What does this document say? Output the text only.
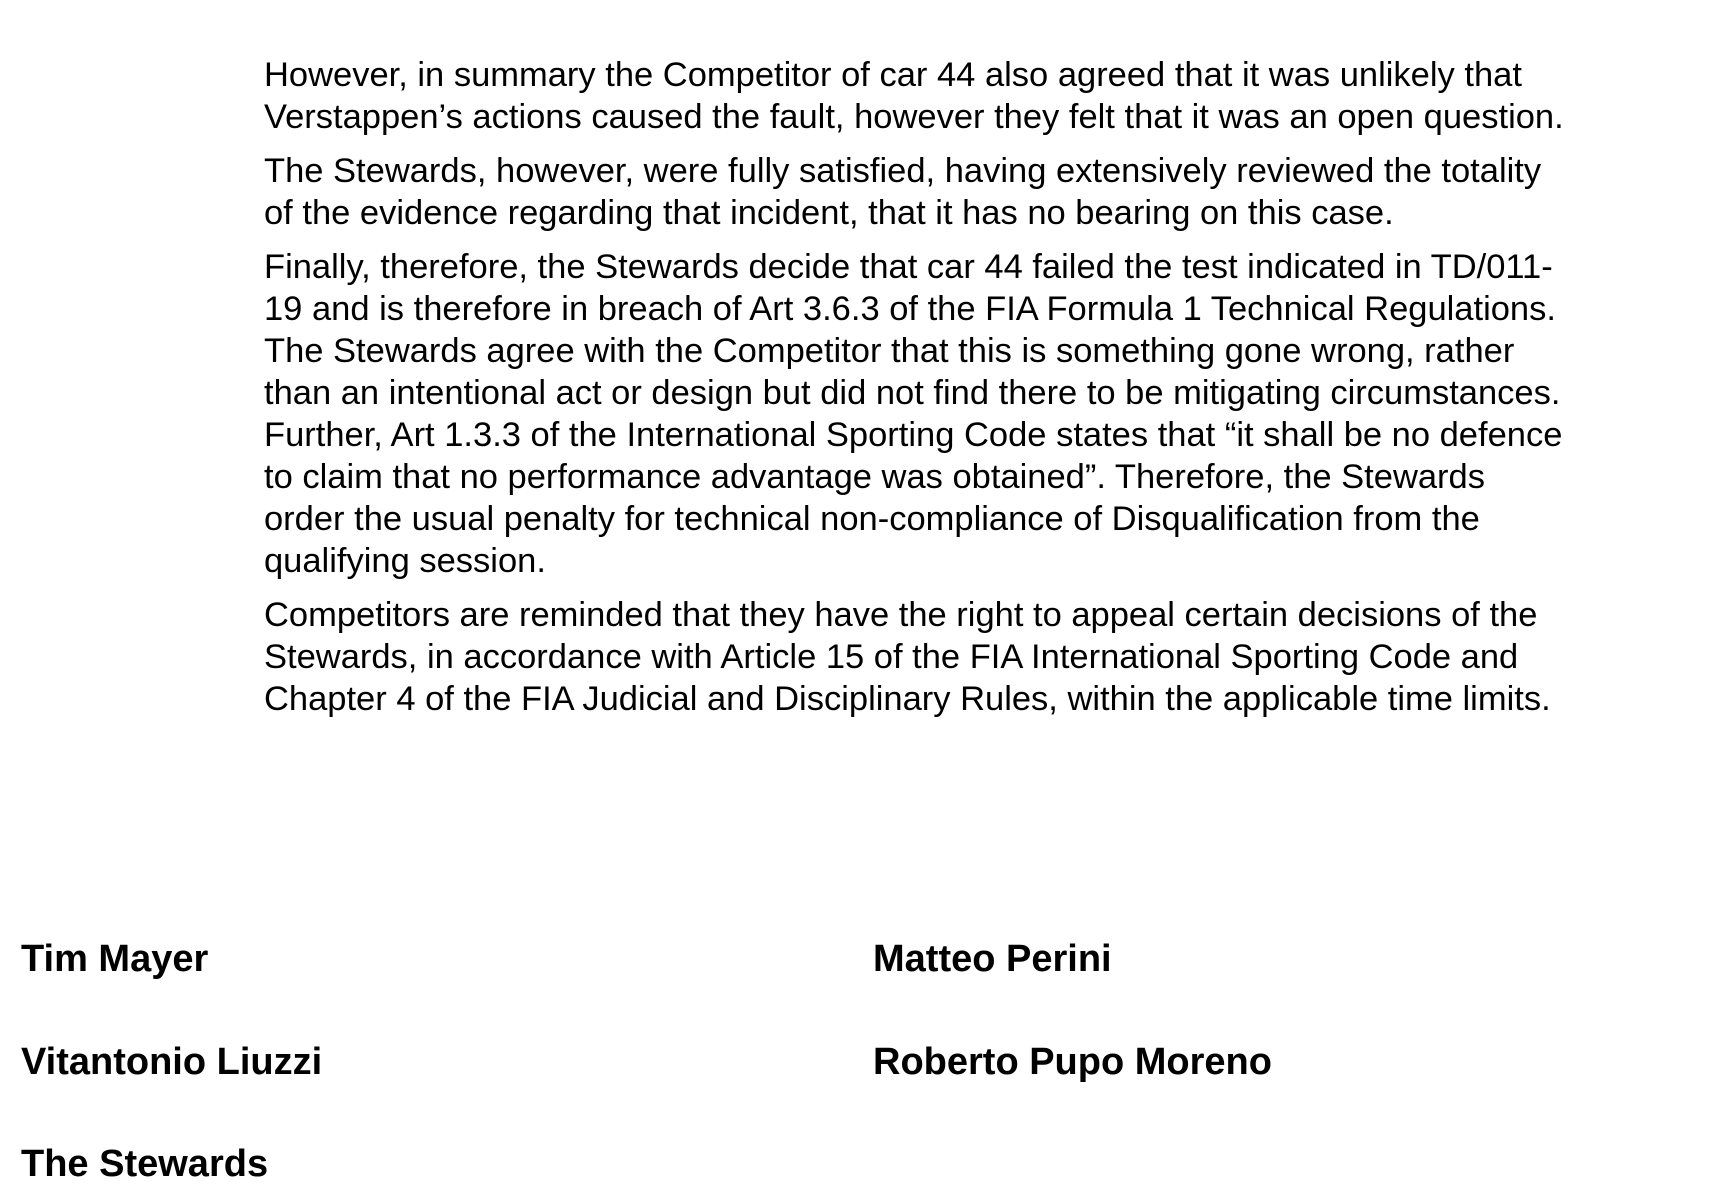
However, in summary the Competitor of car 44 also agreed that it was unlikely that
Verstappen’s actions caused the fault, however they felt that it was an open question.

The Stewards, however, were fully satisfied, having extensively reviewed the totality
of the evidence regarding that incident, that it has no bearing on this case.

Finally, therefore, the Stewards decide that car 44 failed the test indicated in TD/011-
19 and is therefore in breach of Art 3.6.3 of the FIA Formula 1 Technical Regulations.
The Stewards agree with the Competitor that this is something gone wrong, rather
than an intentional act or design but did not find there to be mitigating circumstances.
Further, Art 1.3.3 of the International Sporting Code states that “it shall be no defence
to claim that no performance advantage was obtained”. Therefore, the Stewards
order the usual penalty for technical non-compliance of Disqualification from the
qualifying session.

Competitors are reminded that they have the right to appeal certain decisions of the
Stewards, in accordance with Article 15 of the FIA International Sporting Code and
Chapter 4 of the FIA Judicial and Disciplinary Rules, within the applicable time limits.

Tim Mayer	Matteo Perini
Vitantonio Liuzzi	Roberto Pupo Moreno
The Stewards
